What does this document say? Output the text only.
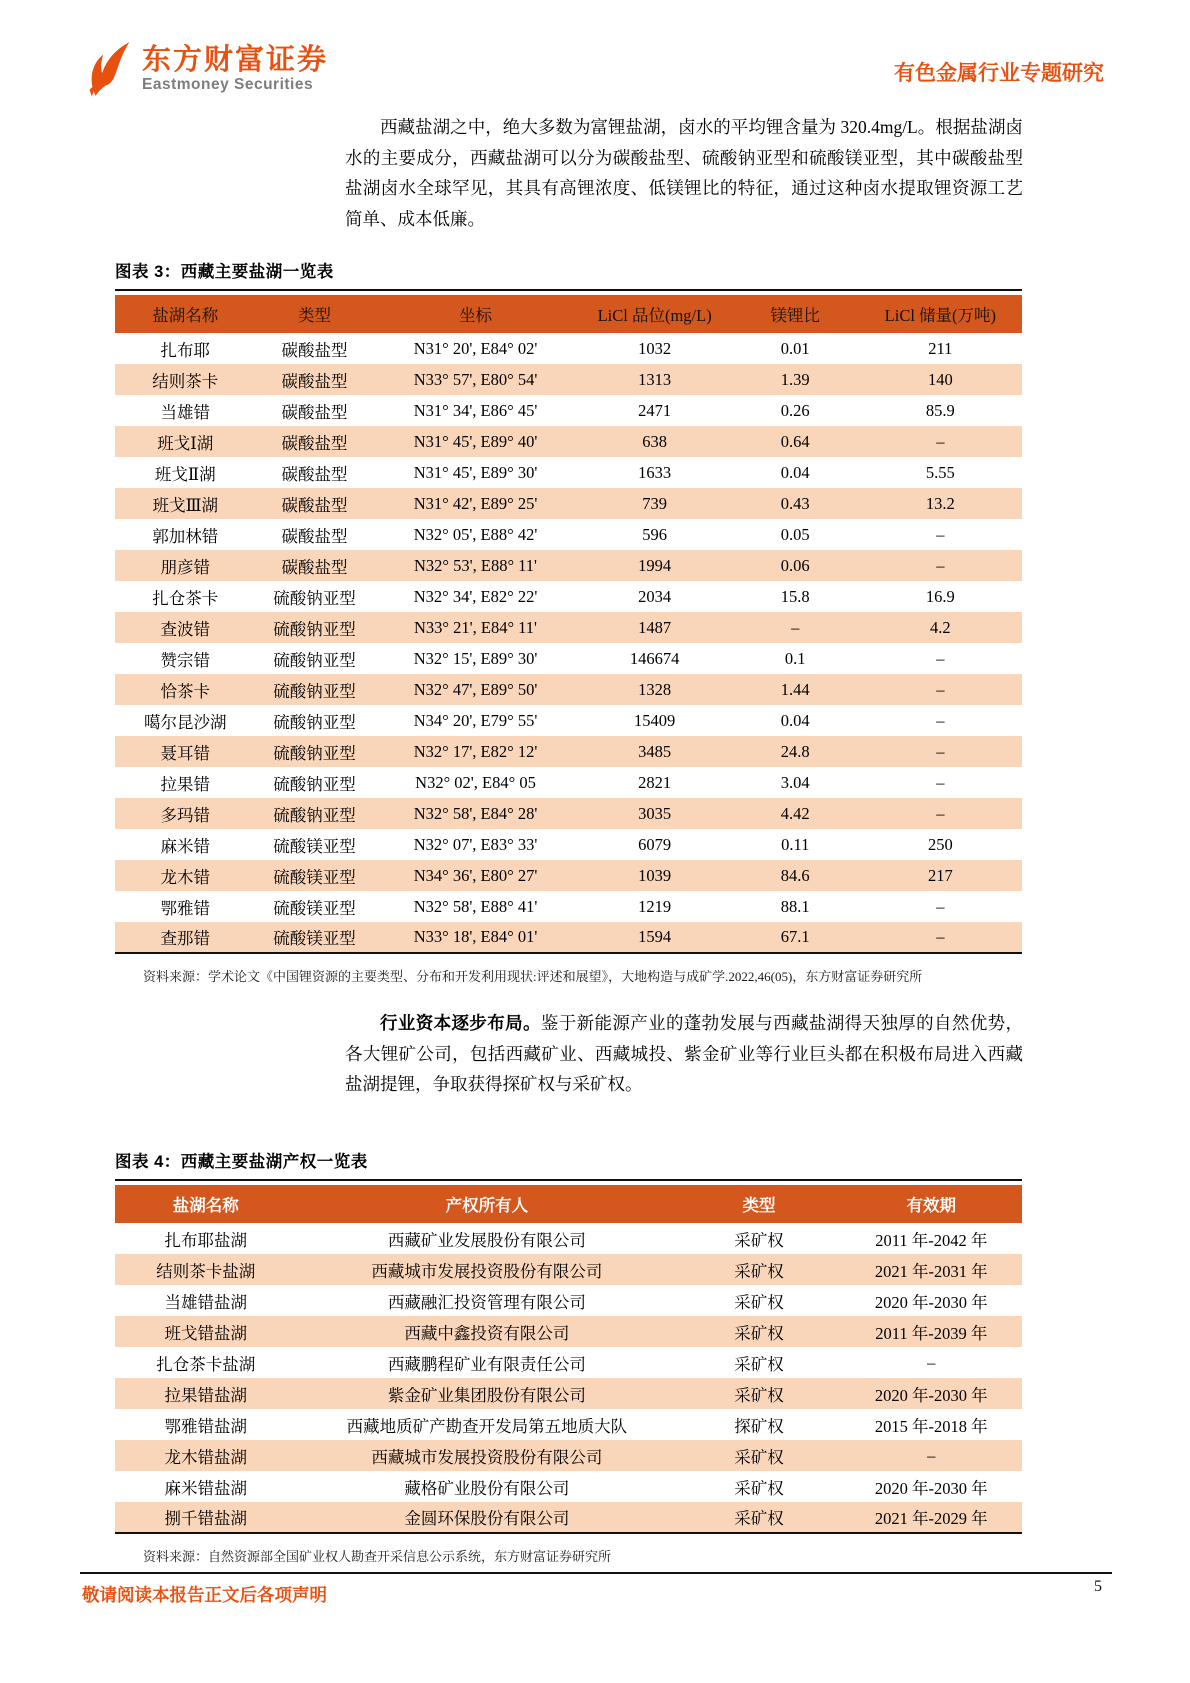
东方财富证券
Eastmoney Securities	有色金属行业专题研究

西藏盐湖之中，绝大多数为富锂盐湖，卤水的平均锂含量为 320.4mg/L。根据盐湖卤水的主要成分，西藏盐湖可以分为碳酸盐型、硫酸钠亚型和硫酸镁亚型，其中碳酸盐型盐湖卤水全球罕见，其具有高锂浓度、低镁锂比的特征，通过这种卤水提取锂资源工艺简单、成本低廉。

图表 3：西藏主要盐湖一览表
盐湖名称	类型	坐标	LiCl 品位(mg/L)	镁锂比	LiCl 储量(万吨)
扎布耶	碳酸盐型	N31° 20', E84° 02'	1032	0.01	211
结则茶卡	碳酸盐型	N33° 57', E80° 54'	1313	1.39	140
当雄错	碳酸盐型	N31° 34', E86° 45'	2471	0.26	85.9
班戈Ⅰ湖	碳酸盐型	N31° 45', E89° 40'	638	0.64	–
班戈Ⅱ湖	碳酸盐型	N31° 45', E89° 30'	1633	0.04	5.55
班戈Ⅲ湖	碳酸盐型	N31° 42', E89° 25'	739	0.43	13.2
郭加林错	碳酸盐型	N32° 05', E88° 42'	596	0.05	–
朋彦错	碳酸盐型	N32° 53', E88° 11'	1994	0.06	–
扎仓茶卡	硫酸钠亚型	N32° 34', E82° 22'	2034	15.8	16.9
查波错	硫酸钠亚型	N33° 21', E84° 11'	1487	–	4.2
赞宗错	硫酸钠亚型	N32° 15', E89° 30'	146674	0.1	–
恰茶卡	硫酸钠亚型	N32° 47', E89° 50'	1328	1.44	–
噶尔昆沙湖	硫酸钠亚型	N34° 20', E79° 55'	15409	0.04	–
聂耳错	硫酸钠亚型	N32° 17', E82° 12'	3485	24.8	–
拉果错	硫酸钠亚型	N32° 02', E84° 05	2821	3.04	–
多玛错	硫酸钠亚型	N32° 58', E84° 28'	3035	4.42	–
麻米错	硫酸镁亚型	N32° 07', E83° 33'	6079	0.11	250
龙木错	硫酸镁亚型	N34° 36', E80° 27'	1039	84.6	217
鄂雅错	硫酸镁亚型	N32° 58', E88° 41'	1219	88.1	–
查那错	硫酸镁亚型	N33° 18', E84° 01'	1594	67.1	–
资料来源：学术论文《中国锂资源的主要类型、分布和开发利用现状:评述和展望》，大地构造与成矿学.2022,46(05)，东方财富证券研究所

行业资本逐步布局。鉴于新能源产业的蓬勃发展与西藏盐湖得天独厚的自然优势，各大锂矿公司，包括西藏矿业、西藏城投、紫金矿业等行业巨头都在积极布局进入西藏盐湖提锂，争取获得探矿权与采矿权。

图表 4：西藏主要盐湖产权一览表
盐湖名称	产权所有人	类型	有效期
扎布耶盐湖	西藏矿业发展股份有限公司	采矿权	2011 年-2042 年
结则茶卡盐湖	西藏城市发展投资股份有限公司	采矿权	2021 年-2031 年
当雄错盐湖	西藏融汇投资管理有限公司	采矿权	2020 年-2030 年
班戈错盐湖	西藏中鑫投资有限公司	采矿权	2011 年-2039 年
扎仓茶卡盐湖	西藏鹏程矿业有限责任公司	采矿权	–
拉果错盐湖	紫金矿业集团股份有限公司	采矿权	2020 年-2030 年
鄂雅错盐湖	西藏地质矿产勘查开发局第五地质大队	探矿权	2015 年-2018 年
龙木错盐湖	西藏城市发展投资股份有限公司	采矿权	–
麻米错盐湖	藏格矿业股份有限公司	采矿权	2020 年-2030 年
捌千错盐湖	金圆环保股份有限公司	采矿权	2021 年-2029 年
资料来源：自然资源部全国矿业权人勘查开采信息公示系统，东方财富证券研究所
敬请阅读本报告正文后各项声明	5
